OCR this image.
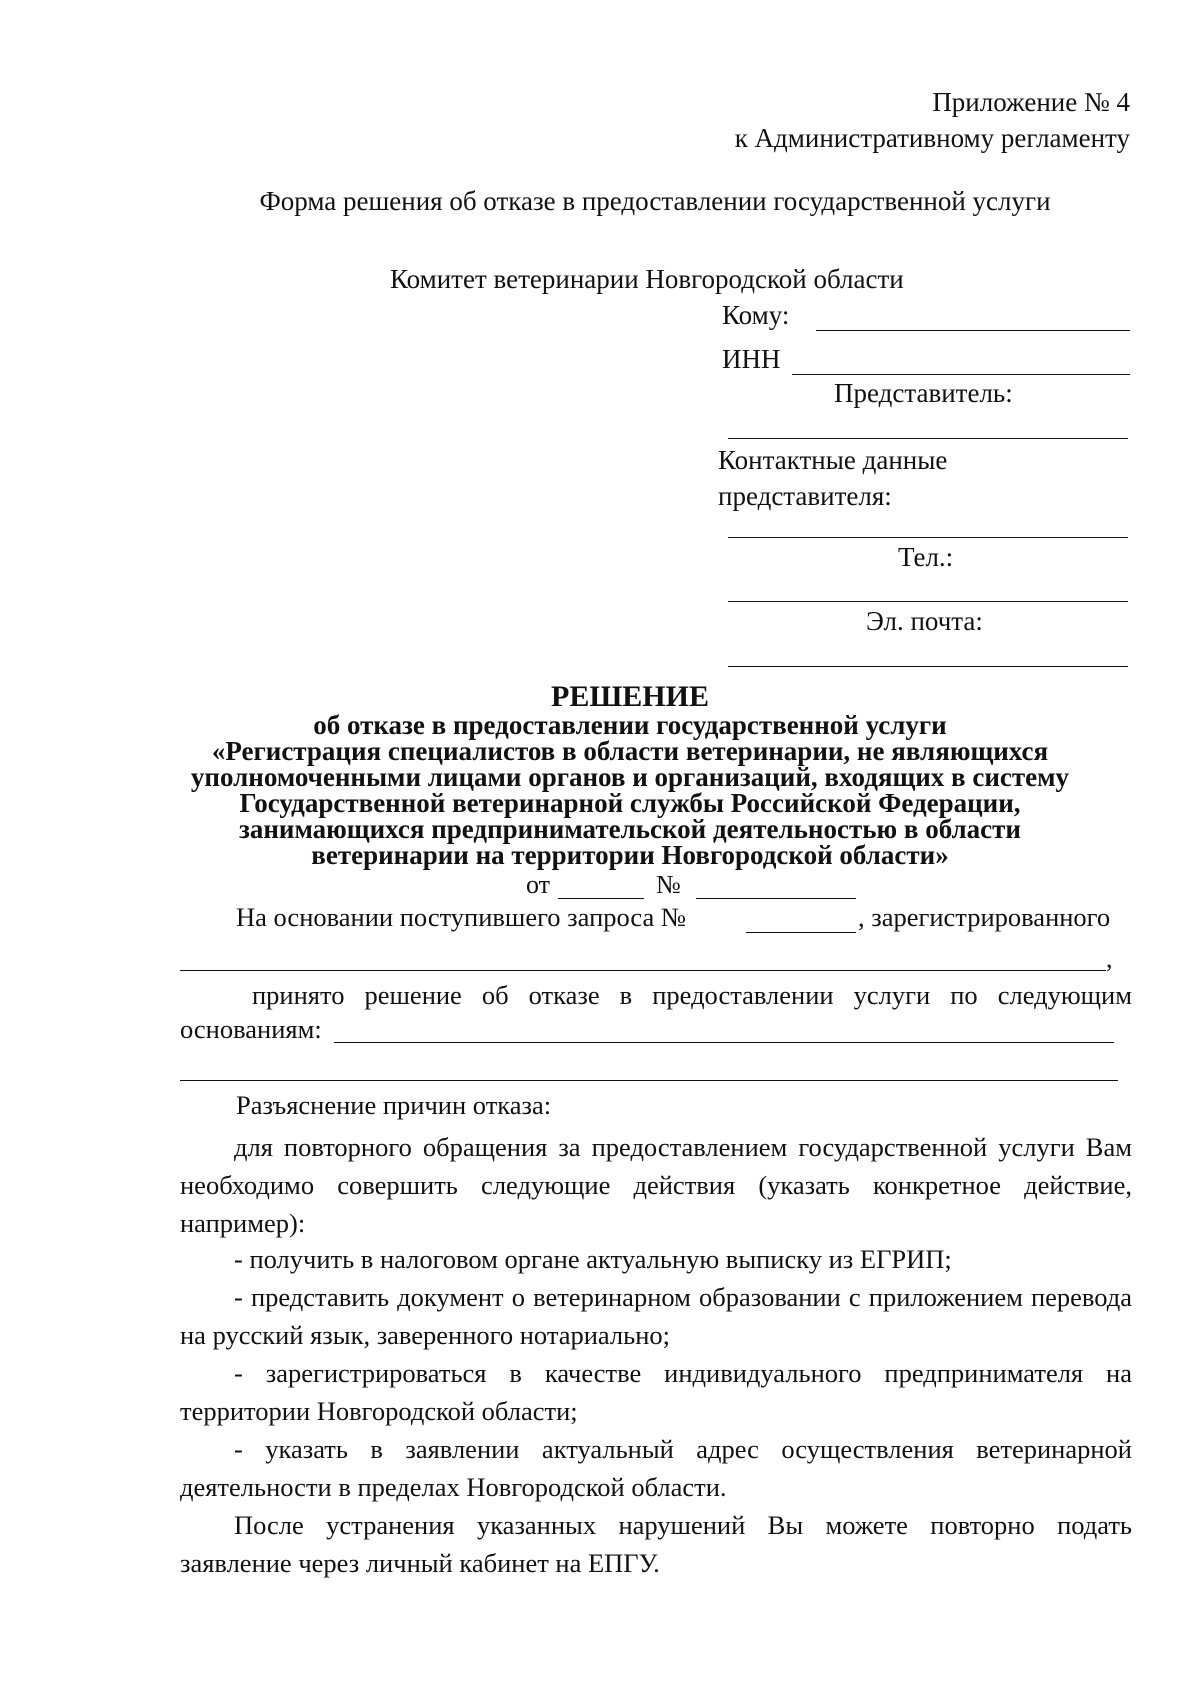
Приложение № 4
к Административному регламенту
Форма решения об отказе в предоставлении государственной услуги
Комитет ветеринарии Новгородской области
Кому:
ИНН
Представитель:
Контактные данные
представителя:
Тел.:
Эл. почта:
РЕШЕНИЕ
об отказе в предоставлении государственной услуги
«Регистрация специалистов в области ветеринарии, не являющихся
уполномоченными лицами органов и организаций, входящих в систему
Государственной ветеринарной службы Российской Федерации,
занимающихся предпринимательской деятельностью в области
ветеринарии на территории Новгородской области»
от	№
На основании поступившего запроса №	, зарегистрированного
,
принято решение об отказе в предоставлении услуги по следующим
основаниям:
Разъяснение причин отказа:
для повторного обращения за предоставлением государственной услуги Вам необходимо совершить следующие действия (указать конкретное действие, например):
- получить в налоговом органе актуальную выписку из ЕГРИП;
- представить документ о ветеринарном образовании с приложением перевода на русский язык, заверенного нотариально;
- зарегистрироваться в качестве индивидуального предпринимателя на территории Новгородской области;
- указать в заявлении актуальный адрес осуществления ветеринарной деятельности в пределах Новгородской области.
После устранения указанных нарушений Вы можете повторно подать заявление через личный кабинет на ЕПГУ.
